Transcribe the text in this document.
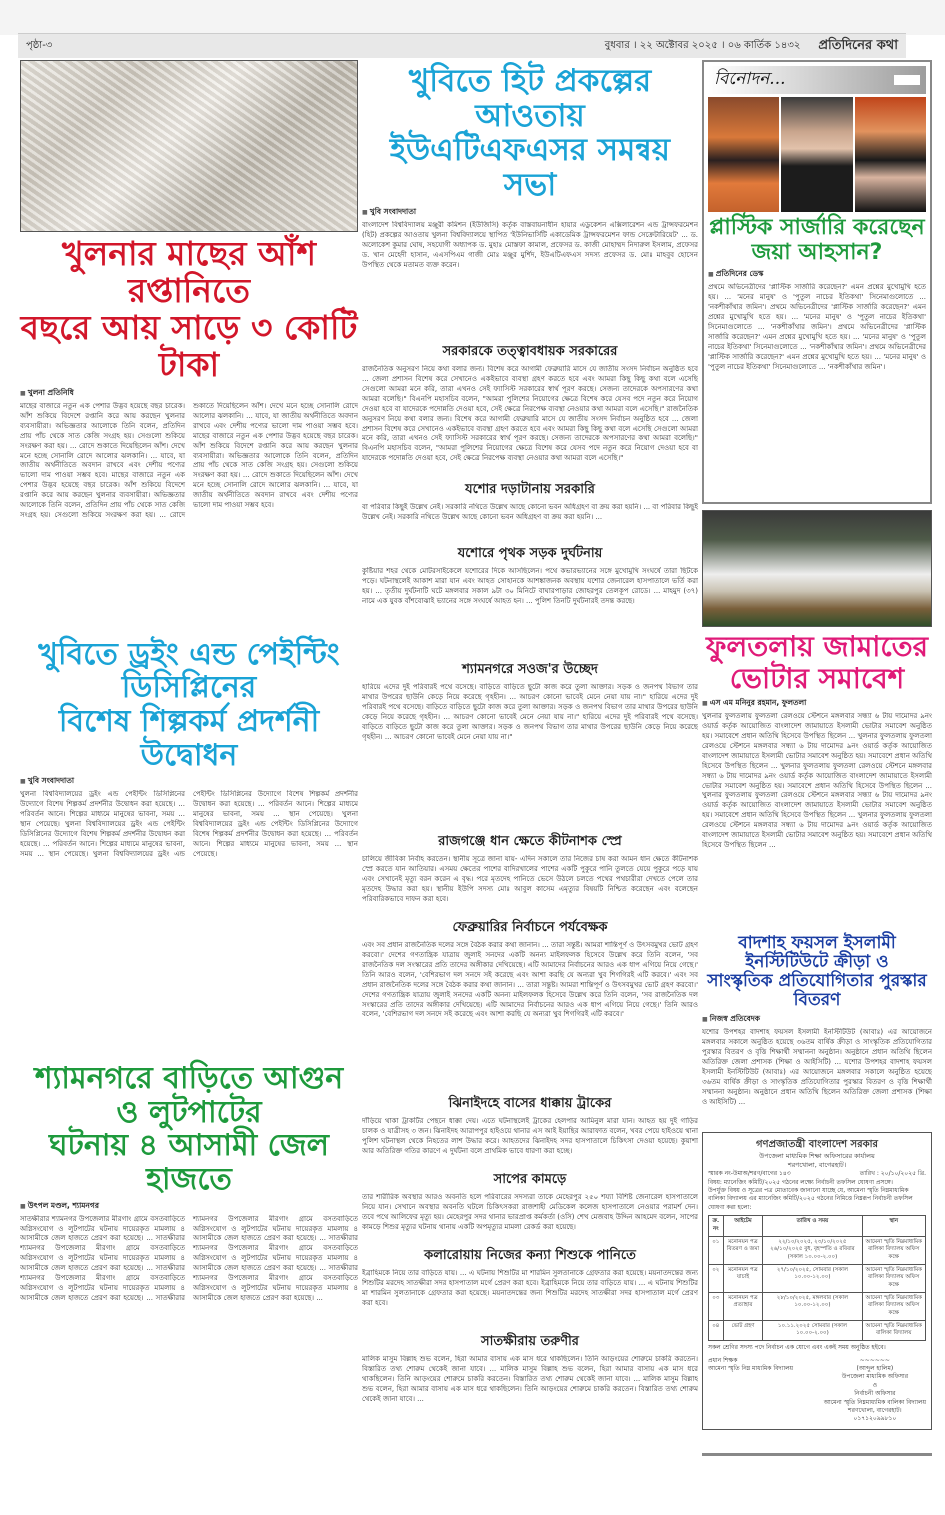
পৃষ্ঠা-৩	বুধবার । ২২ অক্টোবর ২০২৫ । ০৬ কার্তিক ১৪৩২ প্রতিদিনের কথা
খুলনার মাছের আঁশ রপ্তানিতে
বছরে আয় সাড়ে ৩ কোটি টাকা
■ খুলনা প্রতিনিধি
মাছের বাজারে নতুন এক পেশার উদ্ভব হয়েছে বছর চারেক। আঁশ শুকিয়ে বিদেশে রপ্তানি করে আয় করছেন খুলনার ব্যবসায়ীরা। অভিজ্ঞতার আলোকে তিনি বলেন, প্রতিদিন প্রায় পাঁচ থেকে সাত কেজি সংগ্রহ হয়। সেগুলো শুকিয়ে সংরক্ষণ করা হয়। ... রোদে শুকাতে দিয়েছিলেন আঁশ। দেখে মনে হচ্ছে সোনালি রোদে আলোর ঝলকানি। ... যাবে, যা জাতীয় অর্থনীতিতে অবদান রাখবে এবং দেশীয় পণ্যের ভালো দাম পাওয়া সম্ভব হবে। মাছের বাজারে নতুন এক পেশার উদ্ভব হয়েছে বছর চারেক। আঁশ শুকিয়ে বিদেশে রপ্তানি করে আয় করছেন খুলনার ব্যবসায়ীরা। অভিজ্ঞতার আলোকে তিনি বলেন, প্রতিদিন প্রায় পাঁচ থেকে সাত কেজি সংগ্রহ হয়। সেগুলো শুকিয়ে সংরক্ষণ করা হয়। ... রোদে শুকাতে দিয়েছিলেন আঁশ। দেখে মনে হচ্ছে সোনালি রোদে আলোর ঝলকানি। ... যাবে, যা জাতীয় অর্থনীতিতে অবদান রাখবে এবং দেশীয় পণ্যের ভালো দাম পাওয়া সম্ভব হবে। মাছের বাজারে নতুন এক পেশার উদ্ভব হয়েছে বছর চারেক। আঁশ শুকিয়ে বিদেশে রপ্তানি করে আয় করছেন খুলনার ব্যবসায়ীরা। অভিজ্ঞতার আলোকে তিনি বলেন, প্রতিদিন প্রায় পাঁচ থেকে সাত কেজি সংগ্রহ হয়। সেগুলো শুকিয়ে সংরক্ষণ করা হয়। ... রোদে শুকাতে দিয়েছিলেন আঁশ। দেখে মনে হচ্ছে সোনালি রোদে আলোর ঝলকানি। ... যাবে, যা জাতীয় অর্থনীতিতে অবদান রাখবে এবং দেশীয় পণ্যের ভালো দাম পাওয়া সম্ভব হবে।
খুবিতে ড্রইং এন্ড পেইন্টিং ডিসিপ্লিনের
বিশেষ শিল্পকর্ম প্রদর্শনী উদ্বোধন
■ খুবি সংবাদদাতা
খুলনা বিশ্ববিদ্যালয়ের ড্রইং এন্ড পেইন্টিং ডিসিপ্লিনের উদ্যোগে বিশেষ শিল্পকর্ম প্রদর্শনীর উদ্বোধন করা হয়েছে। ... পরিবর্তন আনে। শিল্পের মাধ্যমে মানুষের ভাবনা, সময় ... স্থান পেয়েছে। খুলনা বিশ্ববিদ্যালয়ের ড্রইং এন্ড পেইন্টিং ডিসিপ্লিনের উদ্যোগে বিশেষ শিল্পকর্ম প্রদর্শনীর উদ্বোধন করা হয়েছে। ... পরিবর্তন আনে। শিল্পের মাধ্যমে মানুষের ভাবনা, সময় ... স্থান পেয়েছে। খুলনা বিশ্ববিদ্যালয়ের ড্রইং এন্ড পেইন্টিং ডিসিপ্লিনের উদ্যোগে বিশেষ শিল্পকর্ম প্রদর্শনীর উদ্বোধন করা হয়েছে। ... পরিবর্তন আনে। শিল্পের মাধ্যমে মানুষের ভাবনা, সময় ... স্থান পেয়েছে। খুলনা বিশ্ববিদ্যালয়ের ড্রইং এন্ড পেইন্টিং ডিসিপ্লিনের উদ্যোগে বিশেষ শিল্পকর্ম প্রদর্শনীর উদ্বোধন করা হয়েছে। ... পরিবর্তন আনে। শিল্পের মাধ্যমে মানুষের ভাবনা, সময় ... স্থান পেয়েছে।
শ্যামনগরে বাড়িতে আগুন ও লুটপাটের
ঘটনায় ৪ আসামী জেল হাজতে
■ উৎপল মণ্ডল, শ্যামনগর
সাতক্ষীরার শ্যামনগর উপজেলার মীরগাং গ্রামে বসতবাড়িতে অগ্নিসংযোগ ও লুটপাটের ঘটনায় দায়েরকৃত মামলায় ৪ আসামীকে জেল হাজতে প্রেরণ করা হয়েছে। ... সাতক্ষীরার শ্যামনগর উপজেলার মীরগাং গ্রামে বসতবাড়িতে অগ্নিসংযোগ ও লুটপাটের ঘটনায় দায়েরকৃত মামলায় ৪ আসামীকে জেল হাজতে প্রেরণ করা হয়েছে। ... সাতক্ষীরার শ্যামনগর উপজেলার মীরগাং গ্রামে বসতবাড়িতে অগ্নিসংযোগ ও লুটপাটের ঘটনায় দায়েরকৃত মামলায় ৪ আসামীকে জেল হাজতে প্রেরণ করা হয়েছে। ... সাতক্ষীরার শ্যামনগর উপজেলার মীরগাং গ্রামে বসতবাড়িতে অগ্নিসংযোগ ও লুটপাটের ঘটনায় দায়েরকৃত মামলায় ৪ আসামীকে জেল হাজতে প্রেরণ করা হয়েছে। ... সাতক্ষীরার শ্যামনগর উপজেলার মীরগাং গ্রামে বসতবাড়িতে অগ্নিসংযোগ ও লুটপাটের ঘটনায় দায়েরকৃত মামলায় ৪ আসামীকে জেল হাজতে প্রেরণ করা হয়েছে। ... সাতক্ষীরার শ্যামনগর উপজেলার মীরগাং গ্রামে বসতবাড়িতে অগ্নিসংযোগ ও লুটপাটের ঘটনায় দায়েরকৃত মামলায় ৪ আসামীকে জেল হাজতে প্রেরণ করা হয়েছে। ...
খুবিতে হিট প্রকল্পের আওতায়
ইউএটিএফএসর সমন্বয় সভা
■ খুবি সংবাদদাতা
বাংলাদেশ বিশ্ববিদ্যালয় মঞ্জুরী কমিশন (ইউজিসি) কর্তৃক বাস্তবায়নাধীন হায়ার এডুকেশন এক্সিলারেশন এন্ড ট্রান্সফরমেশন (হিট) প্রকল্পের আওতায় খুলনা বিশ্ববিদ্যালয়ে স্থাপিত 'ইউনিভার্সিটি একাডেমিক ট্রান্সফরমেশন ফান্ড সেক্রেটারিয়েট' ... ড. অলোকেশ কুমার ঘোষ, সহযোগী অধ্যাপক ড. মুহাঃ মোস্তফা কামাল, প্রফেসর ড. কাজী মোহাম্মদ নিদারুল ইসলাম, প্রফেসর ড. খান মেহেদী হাসান, এএসপিএম গাজী মোঃ মঞ্জুর মুর্শিদ, ইউএটিএফএস সদস্য প্রফেসর ড. মোঃ মাহবুব হোসেন উপস্থিত থেকে মতামত ব্যক্ত করেন।
সরকারকে তত্ত্বাবধায়ক সরকারের
রাজনৈতিক অনুসরণ নিয়ে কথা বলার জন্য। বিশেষ করে আগামী ফেব্রুয়ারি মাসে যে জাতীয় সংসদ নির্বাচন অনুষ্ঠিত হবে ... জেলা প্রশাসন বিশেষ করে সেখানেও একইভাবে ব্যবস্থা গ্রহণ করতে হবে এবং আমরা কিছু কিছু কথা বলে এসেছি সেগুলো আমরা মনে করি, তারা এখনও সেই ফ্যাসিস্ট সরকারের স্বার্থ পূরণ করছে। সেজন্য তাদেরকে অপসারণের কথা আমরা বলেছি।" বিএনপি মহাসচিব বলেন, "আমরা পুলিশের নিয়োগের ক্ষেত্রে বিশেষ করে যেসব পদে নতুন করে নিয়োগ দেওয়া হবে বা যাদেরকে পদোন্নতি দেওয়া হবে, সেই ক্ষেত্রে নিরপেক্ষ ব্যবস্থা নেওয়ার কথা আমরা বলে এসেছি।" রাজনৈতিক অনুসরণ নিয়ে কথা বলার জন্য। বিশেষ করে আগামী ফেব্রুয়ারি মাসে যে জাতীয় সংসদ নির্বাচন অনুষ্ঠিত হবে ... জেলা প্রশাসন বিশেষ করে সেখানেও একইভাবে ব্যবস্থা গ্রহণ করতে হবে এবং আমরা কিছু কিছু কথা বলে এসেছি সেগুলো আমরা মনে করি, তারা এখনও সেই ফ্যাসিস্ট সরকারের স্বার্থ পূরণ করছে। সেজন্য তাদেরকে অপসারণের কথা আমরা বলেছি।" বিএনপি মহাসচিব বলেন, "আমরা পুলিশের নিয়োগের ক্ষেত্রে বিশেষ করে যেসব পদে নতুন করে নিয়োগ দেওয়া হবে বা যাদেরকে পদোন্নতি দেওয়া হবে, সেই ক্ষেত্রে নিরপেক্ষ ব্যবস্থা নেওয়ার কথা আমরা বলে এসেছি।"
যশোর দড়াটানায় সরকারি
বা পরিবার কিছুই উল্লেখ নেই। সরকারি নথিতে উল্লেখ আছে কোনো ভবন অধিগ্রহণ বা ক্রয় করা হয়নি। ... বা পরিবার কিছুই উল্লেখ নেই। সরকারি নথিতে উল্লেখ আছে কোনো ভবন অধিগ্রহণ বা ক্রয় করা হয়নি। ...
যশোরে পৃথক সড়ক দুর্ঘটনায়
কুষ্টিয়ার শহর থেকে মোটরসাইকেলে যশোরের দিকে আসছিলেন। পথে কভারভ্যানের সঙ্গে মুখোমুখি সংঘর্ষে তারা ছিটকে পড়ে। ঘটনাস্থলেই আকাশ মারা যান এবং আহত সোহানকে আশঙ্কাজনক অবস্থায় যশোর জেনারেল হাসপাতালে ভর্তি করা হয়। ... তৃতীয় দুর্ঘটনাটি ঘটে মঙ্গলবার সকাল ৯টা ৩০ মিনিটে বাঘারপাড়ার জোহরপুর তেলকূপ রোডে। ... মাহমুদ (৩৭) নামে এক যুবক বাঁশবোঝাই ভ্যানের সঙ্গে সংঘর্ষে আহত হন। ... পুলিশ তিনটি দুর্ঘটনারই তদন্ত করছে।
শ্যামনগরে সওজ'র উচ্ছেদ
হারিয়ে এদের দুই পরিবারই পথে বসেছে। বাড়িতে বাড়িতে ছুটো কাজ করে তুলা আক্তার। সড়ক ও জনপথ বিভাগ তার মাথার উপরের ছাউনি কেড়ে নিয়ে করেছে গৃহহীন। ... আচরণ কোনো ভাবেই মেনে নেয়া যায় না।" হারিয়ে এদের দুই পরিবারই পথে বসেছে। বাড়িতে বাড়িতে ছুটো কাজ করে তুলা আক্তার। সড়ক ও জনপথ বিভাগ তার মাথার উপরের ছাউনি কেড়ে নিয়ে করেছে গৃহহীন। ... আচরণ কোনো ভাবেই মেনে নেয়া যায় না।" হারিয়ে এদের দুই পরিবারই পথে বসেছে। বাড়িতে বাড়িতে ছুটো কাজ করে তুলা আক্তার। সড়ক ও জনপথ বিভাগ তার মাথার উপরের ছাউনি কেড়ে নিয়ে করেছে গৃহহীন। ... আচরণ কোনো ভাবেই মেনে নেয়া যায় না।"
রাজগঞ্জে ধান ক্ষেতে কীটনাশক স্প্রে
চালিয়ে জীবিকা নির্বাহ করতেন। স্থানীয় সূত্রে জানা যায়- এদিন সকালে তার নিজের চাষ করা আমন ধান ক্ষেতে কীটনাশক স্প্রে করতে যান আতিয়ার। এসময় ক্ষেতের পাশের বাদিরখালের পাশের একটি পুকুরে পানি তুলতে যেয়ে পুকুরে পড়ে যায় এবং সেখানেই মৃত্যু বরন করেন এ বৃদ্ধ। পরে মৃতদেহ পানিতে ভেসে উঠলে চলতে পথের পথচারীরা দেখতে পেলে তার মৃতদেহ উদ্ধার করা হয়। স্থানীয় ইউপি সদস্য মোঃ আবুল কাসেম এমৃত্যুর বিষয়টি নিশ্চিত করেছেন এবং বলেছেন পরিবারিকভাবে দাফন করা হবে।
ফেব্রুয়ারির নির্বাচনে পর্যবেক্ষক
এবং সব প্রধান রাজনৈতিক দলের সঙ্গে বৈঠক করার কথা জানান। ... তারা সন্তুষ্ট। আমরা শান্তিপূর্ণ ও উৎসবমুখর ভোট গ্রহণ করবো।' দেশের গণতান্ত্রিক যাত্রায় জুলাই সনদের একটি অনন্য মাইলফলক হিসেবে উল্লেখ করে তিনি বলেন, 'সব রাজনৈতিক দল সংস্কারের প্রতি তাদের অঙ্গীকার দেখিয়েছে। এটি আমাদের নির্বাচনের আরও এক ধাপ এগিয়ে নিয়ে গেছে।' তিনি আরও বলেন, 'বেশিরভাগ দল সনদে সই করেছে এবং আশা করছি যে অন্যরা খুব শিগগিরই এটি করবে।' এবং সব প্রধান রাজনৈতিক দলের সঙ্গে বৈঠক করার কথা জানান। ... তারা সন্তুষ্ট। আমরা শান্তিপূর্ণ ও উৎসবমুখর ভোট গ্রহণ করবো।' দেশের গণতান্ত্রিক যাত্রায় জুলাই সনদের একটি অনন্য মাইলফলক হিসেবে উল্লেখ করে তিনি বলেন, 'সব রাজনৈতিক দল সংস্কারের প্রতি তাদের অঙ্গীকার দেখিয়েছে। এটি আমাদের নির্বাচনের আরও এক ধাপ এগিয়ে নিয়ে গেছে।' তিনি আরও বলেন, 'বেশিরভাগ দল সনদে সই করেছে এবং আশা করছি যে অন্যরা খুব শিগগিরই এটি করবে।'
ঝিনাইদহে বাসের ধাক্কায় ট্রাকের
দাঁড়িয়ে থাকা ট্রাকটির পেছনে ধাক্কা দেয়। এতে ঘটনাস্থলেই ট্রাকের হেলপার আমিনুল মারা যান। আহত হয় দুই গাড়ির চালক ও যাত্রীসহ ৩ জন। ঝিনাইদহ আরাপপুর হাইওয়ে থানার এস আই ইয়াছির আরাফাত বলেন, খবর পেয়ে হাইওয়ে থানা পুলিশ ঘটনাস্থল থেকে নিহতের লাশ উদ্ধার করে। আহতদের ঝিনাইদহ সদর হাসপাতালে চিকিৎসা দেওয়া হয়েছে। কুয়াশা আর অতিরিক্ত গতির কারণে এ দুর্ঘটনা বলে প্রাথমিক ভাবে ধারণা করা হচ্ছে।
সাপের কামড়ে
তার শারীরিক অবস্থার আরও অবনতি হলে পরিবারের সদস্যরা তাকে মেহেরপুর ২৫০ শয্যা বিশিষ্ট জেনারেল হাসপাতালে নিয়ে যান। সেখানে অবস্থার অবনতি ঘটলে চিকিৎসকরা রাজশাহী মেডিকেল কলেজ হাসপাতালে নেওয়ার পরামর্শ দেন। তবে পথে আলিফের মৃত্যু হয়। মেহেরপুর সদর থানার ভারপ্রাপ্ত কর্মকর্তা (ওসি) শেখ মেজবাহ উদ্দিন আহমেদ বলেন, সাপের কামড়ে শিশুর মৃত্যুর ঘটনায় থানায় একটি অপমৃত্যুর মামলা রেকর্ড করা হয়েছে।
কলারোয়ায় নিজের কন্যা শিশুকে পানিতে
ইব্রাহিমকে নিয়ে তার বাড়িতে যায়। ... এ ঘটনায় শিশুটির মা শারমিন সুলতানাকে গ্রেফতার করা হয়েছে। ময়নাতদন্তের জন্য শিশুটির মরদেহ সাতক্ষীরা সদর হাসপাতাল মর্গে প্রেরণ করা হবে। ইব্রাহিমকে নিয়ে তার বাড়িতে যায়। ... এ ঘটনায় শিশুটির মা শারমিন সুলতানাকে গ্রেফতার করা হয়েছে। ময়নাতদন্তের জন্য শিশুটির মরদেহ সাতক্ষীরা সদর হাসপাতাল মর্গে প্রেরণ করা হবে।
সাতক্ষীরায় তরুণীর
মালিক মাসুম বিল্লাহ শুভ বলেন, হিরা আমার বাসায় এক মাস ধরে থাকছিলেন। তিনি আড়ংয়ের শোরুমে চাকরি করতেন। বিস্তারিত তথ্য শোরুম থেকেই জানা যাবে। ... মালিক মাসুম বিল্লাহ শুভ বলেন, হিরা আমার বাসায় এক মাস ধরে থাকছিলেন। তিনি আড়ংয়ের শোরুমে চাকরি করতেন। বিস্তারিত তথ্য শোরুম থেকেই জানা যাবে। ... মালিক মাসুম বিল্লাহ শুভ বলেন, হিরা আমার বাসায় এক মাস ধরে থাকছিলেন। তিনি আড়ংয়ের শোরুমে চাকরি করতেন। বিস্তারিত তথ্য শোরুম থেকেই জানা যাবে। ...
বিনোদন...
প্লাস্টিক সার্জারি করেছেন
জয়া আহসান?
■ প্রতিদিনের ডেস্ক
প্রথমে অভিনেত্রীদের 'প্লাস্টিক সার্জারি করেছেন?' এমন প্রশ্নের মুখোমুখি হতে হয়। ... 'মনের মানুষ' ও 'পুতুল নাচের ইতিকথা' সিনেমাগুলোতে ... 'নকশীকাঁথার জমিন'। প্রথমে অভিনেত্রীদের 'প্লাস্টিক সার্জারি করেছেন?' এমন প্রশ্নের মুখোমুখি হতে হয়। ... 'মনের মানুষ' ও 'পুতুল নাচের ইতিকথা' সিনেমাগুলোতে ... 'নকশীকাঁথার জমিন'। প্রথমে অভিনেত্রীদের 'প্লাস্টিক সার্জারি করেছেন?' এমন প্রশ্নের মুখোমুখি হতে হয়। ... 'মনের মানুষ' ও 'পুতুল নাচের ইতিকথা' সিনেমাগুলোতে ... 'নকশীকাঁথার জমিন'। প্রথমে অভিনেত্রীদের 'প্লাস্টিক সার্জারি করেছেন?' এমন প্রশ্নের মুখোমুখি হতে হয়। ... 'মনের মানুষ' ও 'পুতুল নাচের ইতিকথা' সিনেমাগুলোতে ... 'নকশীকাঁথার জমিন'।
ফুলতলায় জামাতের
ভোটার সমাবেশ
■ এস এম মনিনুর রহমান, ফুলতলা
খুলনার ফুলতলায় ফুলতলা রেলওয়ে স্টেশনে মঙ্গলবার সন্ধ্যা ৬ টায় দামোদর ৯নং ওয়ার্ড কর্তৃক আয়োজিত বাংলাদেশ জামায়াতে ইসলামী ভোটার সমাবেশ অনুষ্ঠিত হয়। সমাবেশে প্রধান অতিথি হিসেবে উপস্থিত ছিলেন ... খুলনার ফুলতলায় ফুলতলা রেলওয়ে স্টেশনে মঙ্গলবার সন্ধ্যা ৬ টায় দামোদর ৯নং ওয়ার্ড কর্তৃক আয়োজিত বাংলাদেশ জামায়াতে ইসলামী ভোটার সমাবেশ অনুষ্ঠিত হয়। সমাবেশে প্রধান অতিথি হিসেবে উপস্থিত ছিলেন ... খুলনার ফুলতলায় ফুলতলা রেলওয়ে স্টেশনে মঙ্গলবার সন্ধ্যা ৬ টায় দামোদর ৯নং ওয়ার্ড কর্তৃক আয়োজিত বাংলাদেশ জামায়াতে ইসলামী ভোটার সমাবেশ অনুষ্ঠিত হয়। সমাবেশে প্রধান অতিথি হিসেবে উপস্থিত ছিলেন ... খুলনার ফুলতলায় ফুলতলা রেলওয়ে স্টেশনে মঙ্গলবার সন্ধ্যা ৬ টায় দামোদর ৯নং ওয়ার্ড কর্তৃক আয়োজিত বাংলাদেশ জামায়াতে ইসলামী ভোটার সমাবেশ অনুষ্ঠিত হয়। সমাবেশে প্রধান অতিথি হিসেবে উপস্থিত ছিলেন ... খুলনার ফুলতলায় ফুলতলা রেলওয়ে স্টেশনে মঙ্গলবার সন্ধ্যা ৬ টায় দামোদর ৯নং ওয়ার্ড কর্তৃক আয়োজিত বাংলাদেশ জামায়াতে ইসলামী ভোটার সমাবেশ অনুষ্ঠিত হয়। সমাবেশে প্রধান অতিথি হিসেবে উপস্থিত ছিলেন ...
বাদশাহ ফয়সল ইসলামী ইনস্টিটিউটে ক্রীড়া ও
সাংস্কৃতিক প্রতিযোগিতার পুরস্কার বিতরণ
■ নিজস্ব প্রতিবেদক
যশোর উপশহর বাদশাহ ফয়সল ইসলামী ইনস্টিটিউট (আবাঃ) এর আয়োজনে মঙ্গলবার সকালে অনুষ্ঠিত হয়েছে ৩৬তম বার্ষিক ক্রীড়া ও সাংস্কৃতিক প্রতিযোগিতার পুরস্কার বিতরণ ও বৃত্তি শিক্ষার্থী সম্মাননা অনুষ্ঠান। অনুষ্ঠানে প্রধান অতিথি ছিলেন অতিরিক্ত জেলা প্রশাসক (শিক্ষা ও আইসিটি) ... যশোর উপশহর বাদশাহ ফয়সল ইসলামী ইনস্টিটিউট (আবাঃ) এর আয়োজনে মঙ্গলবার সকালে অনুষ্ঠিত হয়েছে ৩৬তম বার্ষিক ক্রীড়া ও সাংস্কৃতিক প্রতিযোগিতার পুরস্কার বিতরণ ও বৃত্তি শিক্ষার্থী সম্মাননা অনুষ্ঠান। অনুষ্ঠানে প্রধান অতিথি ছিলেন অতিরিক্ত জেলা প্রশাসক (শিক্ষা ও আইসিটি) ...
গণপ্রজাতন্ত্রী বাংলাদেশ সরকার
উপজেলা মাধ্যমিক শিক্ষা অফিসারের কার্যালয়
শরণখোলা, বাগেরহাট।
স্মারক নং-উমাঅ/শরণ/বাগের ১৪৩	তারিখ : ২০/১০/২০২৫ খ্রি.
বিষয়: ম্যানেজিং কমিটি/২০২৫ গঠনের লক্ষ্যে নির্বাচনী তফসিল ঘোষণা প্রসঙ্গে।
উপর্যুক্ত বিষয় ও সূত্রের পত্র মোতাবেক জানানো যাচ্ছে যে, আমেনা স্মৃতি নিম্নমাধ্যমিক বালিকা বিদ্যালয় এর ম্যানেজিং কমিটি/২০২৫ গঠনের নিমিত্তে নিম্নরূপ নির্বাচনী তফসিল ঘোষণা করা হলো:
ক্র. নং	আইটেম	তারিখ ও সময়	স্থান
০১	মনোনয়ন পত্র বিতরণ ও জমা	২২/১০/২০২৫, ২৩/১০/২০২৫ ২৬/১০/২০২৫ বুধ, বৃহস্পতি ও রবিবার (সকাল ১০.০০-২.০০)	আমেনা স্মৃতি নিম্নমাধ্যমিক বালিকা বিদ্যালয় অফিস কক্ষে
০২	মনোনয়ন পত্র যাচাই	২৭/১০/২০২৫, সোমবার (সকাল ১০.০০-১২.০০)	আমেনা স্মৃতি নিম্নমাধ্যমিক বালিকা বিদ্যালয় অফিস কক্ষে
০৩	মনোনয়ন পত্র প্রত্যাহার	২৮/১০/২০২৫, মঙ্গলবার (সকাল ১০.০০-১২.০০)	আমেনা স্মৃতি নিম্নমাধ্যমিক বালিকা বিদ্যালয় অফিস কক্ষে
০৪	ভোট গ্রহণ	১০.১১.২০২৫ সোমবার (সকাল ১০.০০-২.০০)	আমেনা স্মৃতি নিম্নমাধ্যমিক বালিকা বিদ্যালয়
সকল শ্রেণির সদস্য পদে নির্বাচন এক যোগে এবং একই সময় অনুষ্ঠিত হইবে।
প্রধান শিক্ষক
আমেনা স্মৃতি নিম্ন মাধ্যমিক বিদ্যালয়
~~~~~~
(আব্দুল হালিম)
উপজেলা মাধ্যমিক অফিসার
ও
নির্বাচনী অফিসার
আমেনা স্মৃতি নিম্নমাধ্যমিক বালিকা বিদ্যালয়
শরণখোলা, বাগেরহাট।
০১৭১২০৯৯৮১০
